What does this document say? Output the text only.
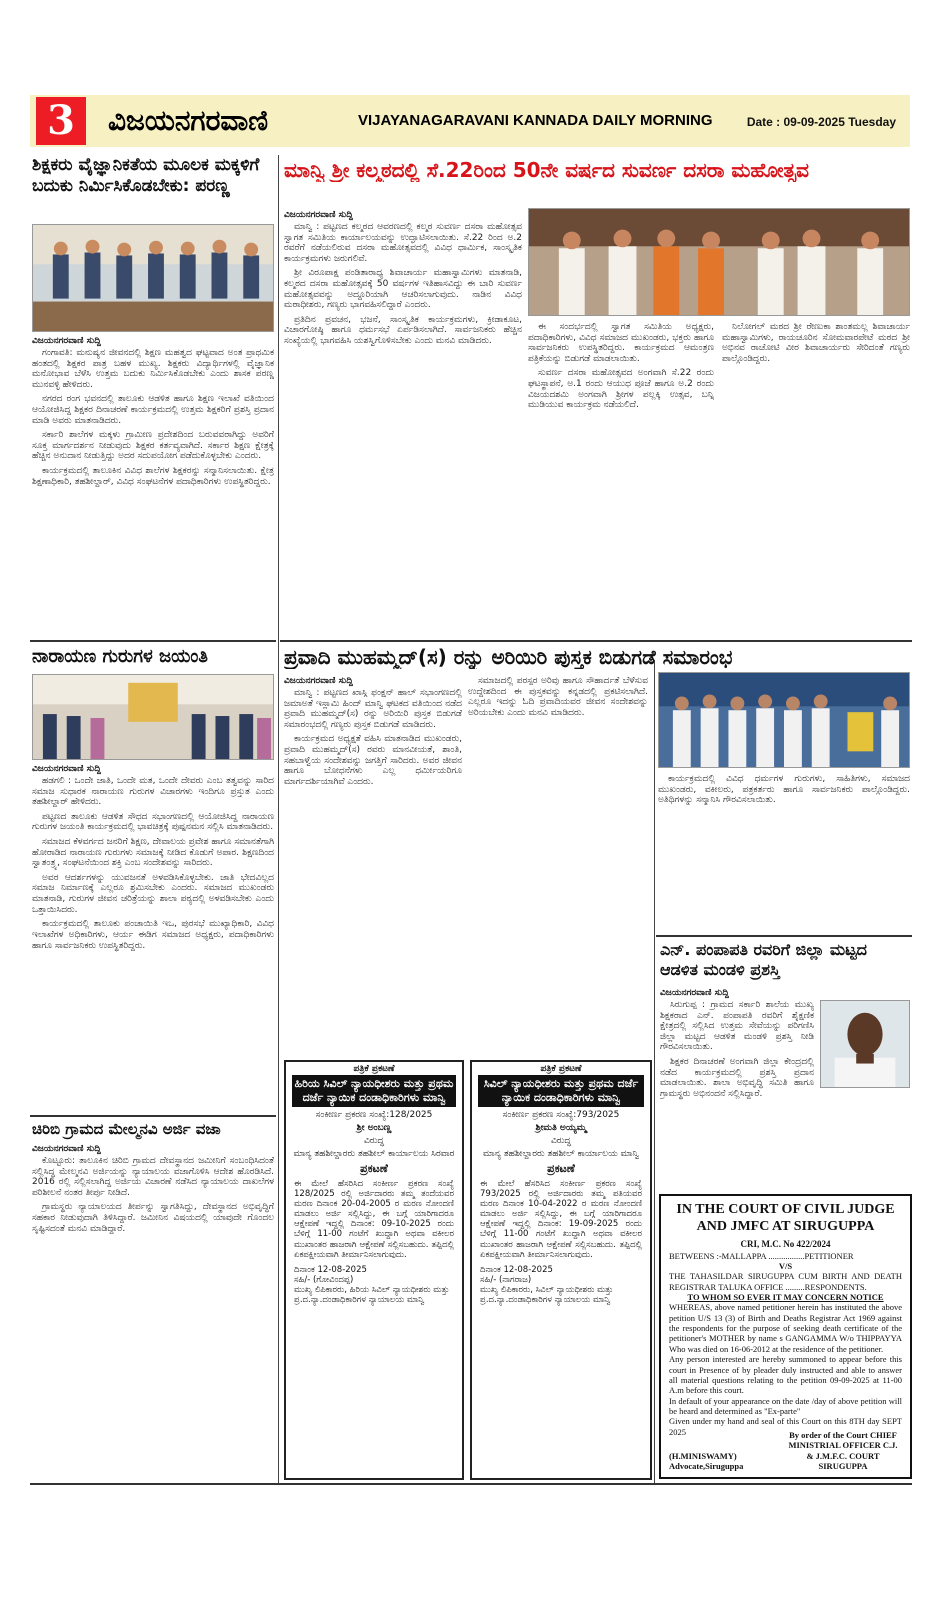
3	ವಿಜಯನಗರವಾಣಿ	VIJAYANAGARAVANI KANNADA DAILY MORNING	Date : 09-09-2025 Tuesday
ಶಿಕ್ಷಕರು ವೈಜ್ಞಾನಿಕತೆಯ ಮೂಲಕ ಮಕ್ಕಳಿಗೆ ಬದುಕು ನಿರ್ಮಿಸಿಕೊಡಬೇಕು: ಪರಣ್ಣ
ವಿಜಯನಗರವಾಣಿ ಸುದ್ದಿ

ಗಂಗಾವತಿ: ಮನುಷ್ಯನ ಜೀವನದಲ್ಲಿ ಶಿಕ್ಷಣ ಮಹತ್ವದ ಘಟ್ಟವಾದ ಅಂತ ಪ್ರಾಥಮಿಕ ಹಂತದಲ್ಲಿ ಶಿಕ್ಷಕರ ಪಾತ್ರ ಬಹಳ ಮುಖ್ಯ. ಶಿಕ್ಷಕರು ವಿದ್ಯಾರ್ಥಿಗಳಲ್ಲಿ ವೈಜ್ಞಾನಿಕ ಮನೋಭಾವ ಬೆಳೆಸಿ ಉತ್ತಮ ಬದುಕು ನಿರ್ಮಿಸಿಕೊಡಬೇಕು ಎಂದು ಶಾಸಕ ಪರಣ್ಣ ಮುನವಳ್ಳಿ ಹೇಳಿದರು.

ನಗರದ ರಂಗ ಭವನದಲ್ಲಿ ತಾಲೂಕು ಆಡಳಿತ ಹಾಗೂ ಶಿಕ್ಷಣ ಇಲಾಖೆ ವತಿಯಿಂದ ಆಯೋಜಿಸಿದ್ದ ಶಿಕ್ಷಕರ ದಿನಾಚರಣೆ ಕಾರ್ಯಕ್ರಮದಲ್ಲಿ ಉತ್ತಮ ಶಿಕ್ಷಕರಿಗೆ ಪ್ರಶಸ್ತಿ ಪ್ರದಾನ ಮಾಡಿ ಅವರು ಮಾತನಾಡಿದರು.

ಸರ್ಕಾರಿ ಶಾಲೆಗಳ ಮಕ್ಕಳು ಗ್ರಾಮೀಣ ಪ್ರದೇಶದಿಂದ ಬರುವವರಾಗಿದ್ದು ಅವರಿಗೆ ಸೂಕ್ತ ಮಾರ್ಗದರ್ಶನ ನೀಡುವುದು ಶಿಕ್ಷಕರ ಕರ್ತವ್ಯವಾಗಿದೆ. ಸರ್ಕಾರ ಶಿಕ್ಷಣ ಕ್ಷೇತ್ರಕ್ಕೆ ಹೆಚ್ಚಿನ ಅನುದಾನ ನೀಡುತ್ತಿದ್ದು ಅದರ ಸದುಪಯೋಗ ಪಡೆದುಕೊಳ್ಳಬೇಕು ಎಂದರು.

ಕಾರ್ಯಕ್ರಮದಲ್ಲಿ ತಾಲೂಕಿನ ವಿವಿಧ ಶಾಲೆಗಳ ಶಿಕ್ಷಕರನ್ನು ಸನ್ಮಾನಿಸಲಾಯಿತು. ಕ್ಷೇತ್ರ ಶಿಕ್ಷಣಾಧಿಕಾರಿ, ತಹಶೀಲ್ದಾರ್, ವಿವಿಧ ಸಂಘಟನೆಗಳ ಪದಾಧಿಕಾರಿಗಳು ಉಪಸ್ಥಿತರಿದ್ದರು.

ಮಾನ್ವಿ ಶ್ರೀ ಕಲ್ಮಠದಲ್ಲಿ ಸೆ.22ರಿಂದ 50ನೇ ವರ್ಷದ ಸುವರ್ಣ ದಸರಾ ಮಹೋತ್ಸವ
ವಿಜಯನಗರವಾಣಿ ಸುದ್ದಿ

ಮಾನ್ವಿ : ಪಟ್ಟಣದ ಕಲ್ಮಠದ ಆವರಣದಲ್ಲಿ ಕಲ್ಮಠ ಸುವರ್ಣ ದಸರಾ ಮಹೋತ್ಸವ ಸ್ವಾಗತ ಸಮಿತಿಯ ಕಾರ್ಯಾಲಯವನ್ನು ಉದ್ಘಾಟಿಸಲಾಯಿತು. ಸೆ.22 ರಿಂದ ಅ.2 ರವರೆಗೆ ನಡೆಯಲಿರುವ ದಸರಾ ಮಹೋತ್ಸವದಲ್ಲಿ ವಿವಿಧ ಧಾರ್ಮಿಕ, ಸಾಂಸ್ಕೃತಿಕ ಕಾರ್ಯಕ್ರಮಗಳು ಜರುಗಲಿವೆ.

ಶ್ರೀ ವಿರೂಪಾಕ್ಷ ಪಂಡಿತಾರಾಧ್ಯ ಶಿವಾಚಾರ್ಯ ಮಹಾಸ್ವಾಮಿಗಳು ಮಾತನಾಡಿ, ಕಲ್ಮಠದ ದಸರಾ ಮಹೋತ್ಸವಕ್ಕೆ 50 ವರ್ಷಗಳ ಇತಿಹಾಸವಿದ್ದು ಈ ಬಾರಿ ಸುವರ್ಣ ಮಹೋತ್ಸವವನ್ನು ಅದ್ದೂರಿಯಾಗಿ ಆಚರಿಸಲಾಗುವುದು. ನಾಡಿನ ವಿವಿಧ ಮಠಾಧೀಶರು, ಗಣ್ಯರು ಭಾಗವಹಿಸಲಿದ್ದಾರೆ ಎಂದರು.

ಪ್ರತಿದಿನ ಪ್ರವಚನ, ಭಜನೆ, ಸಾಂಸ್ಕೃತಿಕ ಕಾರ್ಯಕ್ರಮಗಳು, ಕ್ರೀಡಾಕೂಟ, ವಿಚಾರಗೋಷ್ಠಿ ಹಾಗೂ ಧರ್ಮಸಭೆ ಏರ್ಪಡಿಸಲಾಗಿದೆ. ಸಾರ್ವಜನಿಕರು ಹೆಚ್ಚಿನ ಸಂಖ್ಯೆಯಲ್ಲಿ ಭಾಗವಹಿಸಿ ಯಶಸ್ವಿಗೊಳಿಸಬೇಕು ಎಂದು ಮನವಿ ಮಾಡಿದರು.

ಈ ಸಂದರ್ಭದಲ್ಲಿ ಸ್ವಾಗತ ಸಮಿತಿಯ ಅಧ್ಯಕ್ಷರು, ಪದಾಧಿಕಾರಿಗಳು, ವಿವಿಧ ಸಮಾಜದ ಮುಖಂಡರು, ಭಕ್ತರು ಹಾಗೂ ಸಾರ್ವಜನಿಕರು ಉಪಸ್ಥಿತರಿದ್ದರು. ಕಾರ್ಯಕ್ರಮದ ಆಮಂತ್ರಣ ಪತ್ರಿಕೆಯನ್ನು ಬಿಡುಗಡೆ ಮಾಡಲಾಯಿತು.

ಸುವರ್ಣ ದಸರಾ ಮಹೋತ್ಸವದ ಅಂಗವಾಗಿ ಸೆ.22 ರಂದು ಘಟಸ್ಥಾಪನೆ, ಅ.1 ರಂದು ಆಯುಧ ಪೂಜೆ ಹಾಗೂ ಅ.2 ರಂದು ವಿಜಯದಶಮಿ ಅಂಗವಾಗಿ ಶ್ರೀಗಳ ಪಲ್ಲಕ್ಕಿ ಉತ್ಸವ, ಬನ್ನಿ ಮುಡಿಯುವ ಕಾರ್ಯಕ್ರಮ ನಡೆಯಲಿದೆ.

ನಿಲೋಗಲ್ ಮಠದ ಶ್ರೀ ರೇಣುಕಾ ಶಾಂತಮಲ್ಲ ಶಿವಾಚಾರ್ಯ ಮಹಾಸ್ವಾಮಿಗಳು, ರಾಯಚೂರಿನ ಸೋಮವಾರಪೇಟೆ ಮಠದ ಶ್ರೀ ಅಭಿನವ ರಾಚೋಟಿ ವೀರ ಶಿವಾಚಾರ್ಯರು ಸೇರಿದಂತೆ ಗಣ್ಯರು ಪಾಲ್ಗೊಂಡಿದ್ದರು.

ನಾರಾಯಣ ಗುರುಗಳ ಜಯಂತಿ
ವಿಜಯನಗರವಾಣಿ ಸುದ್ದಿ

ಹಡಗಲಿ : ಒಂದೇ ಜಾತಿ, ಒಂದೇ ಮತ, ಒಂದೇ ದೇವರು ಎಂಬ ತತ್ವವನ್ನು ಸಾರಿದ ಸಮಾಜ ಸುಧಾರಕ ನಾರಾಯಣ ಗುರುಗಳ ವಿಚಾರಗಳು ಇಂದಿಗೂ ಪ್ರಸ್ತುತ ಎಂದು ತಹಶೀಲ್ದಾರ್ ಹೇಳಿದರು.

ಪಟ್ಟಣದ ತಾಲೂಕು ಆಡಳಿತ ಸೌಧದ ಸಭಾಂಗಣದಲ್ಲಿ ಆಯೋಜಿಸಿದ್ದ ನಾರಾಯಣ ಗುರುಗಳ ಜಯಂತಿ ಕಾರ್ಯಕ್ರಮದಲ್ಲಿ ಭಾವಚಿತ್ರಕ್ಕೆ ಪುಷ್ಪನಮನ ಸಲ್ಲಿಸಿ ಮಾತನಾಡಿದರು.

ಸಮಾಜದ ಕೆಳವರ್ಗದ ಜನರಿಗೆ ಶಿಕ್ಷಣ, ದೇವಾಲಯ ಪ್ರವೇಶ ಹಾಗೂ ಸಮಾನತೆಗಾಗಿ ಹೋರಾಡಿದ ನಾರಾಯಣ ಗುರುಗಳು ಸಮಾಜಕ್ಕೆ ನೀಡಿದ ಕೊಡುಗೆ ಅಪಾರ. ಶಿಕ್ಷಣದಿಂದ ಸ್ವಾತಂತ್ರ್ಯ, ಸಂಘಟನೆಯಿಂದ ಶಕ್ತಿ ಎಂಬ ಸಂದೇಶವನ್ನು ಸಾರಿದರು.

ಅವರ ಆದರ್ಶಗಳನ್ನು ಯುವಜನತೆ ಅಳವಡಿಸಿಕೊಳ್ಳಬೇಕು. ಜಾತಿ ಭೇದವಿಲ್ಲದ ಸಮಾಜ ನಿರ್ಮಾಣಕ್ಕೆ ಎಲ್ಲರೂ ಶ್ರಮಿಸಬೇಕು ಎಂದರು. ಸಮಾಜದ ಮುಖಂಡರು ಮಾತನಾಡಿ, ಗುರುಗಳ ಜೀವನ ಚರಿತ್ರೆಯನ್ನು ಶಾಲಾ ಪಠ್ಯದಲ್ಲಿ ಅಳವಡಿಸಬೇಕು ಎಂದು ಒತ್ತಾಯಿಸಿದರು.

ಕಾರ್ಯಕ್ರಮದಲ್ಲಿ ತಾಲೂಕು ಪಂಚಾಯಿತಿ ಇಒ, ಪುರಸಭೆ ಮುಖ್ಯಾಧಿಕಾರಿ, ವಿವಿಧ ಇಲಾಖೆಗಳ ಅಧಿಕಾರಿಗಳು, ಆರ್ಯ ಈಡಿಗ ಸಮಾಜದ ಅಧ್ಯಕ್ಷರು, ಪದಾಧಿಕಾರಿಗಳು ಹಾಗೂ ಸಾರ್ವಜನಿಕರು ಉಪಸ್ಥಿತರಿದ್ದರು.

ಚಿರಿಬಿ ಗ್ರಾಮದ ಮೇಲ್ಮನವಿ ಅರ್ಜಿ ವಜಾ
ವಿಜಯನಗರವಾಣಿ ಸುದ್ದಿ

ಕೊಟ್ಟೂರು: ತಾಲೂಕಿನ ಚಿರಿಬಿ ಗ್ರಾಮದ ದೇವಸ್ಥಾನದ ಜಮೀನಿಗೆ ಸಂಬಂಧಿಸಿದಂತೆ ಸಲ್ಲಿಸಿದ್ದ ಮೇಲ್ಮನವಿ ಅರ್ಜಿಯನ್ನು ನ್ಯಾಯಾಲಯ ವಜಾಗೊಳಿಸಿ ಆದೇಶ ಹೊರಡಿಸಿದೆ. 2016 ರಲ್ಲಿ ಸಲ್ಲಿಸಲಾಗಿದ್ದ ಅರ್ಜಿಯ ವಿಚಾರಣೆ ನಡೆಸಿದ ನ್ಯಾಯಾಲಯ ದಾಖಲೆಗಳ ಪರಿಶೀಲನೆ ನಂತರ ತೀರ್ಪು ನೀಡಿದೆ.

ಗ್ರಾಮಸ್ಥರು ನ್ಯಾಯಾಲಯದ ತೀರ್ಪನ್ನು ಸ್ವಾಗತಿಸಿದ್ದು, ದೇವಸ್ಥಾನದ ಅಭಿವೃದ್ಧಿಗೆ ಸಹಕಾರ ನೀಡುವುದಾಗಿ ತಿಳಿಸಿದ್ದಾರೆ. ಜಮೀನಿನ ವಿಷಯದಲ್ಲಿ ಯಾವುದೇ ಗೊಂದಲ ಸೃಷ್ಟಿಸದಂತೆ ಮನವಿ ಮಾಡಿದ್ದಾರೆ.

ಪ್ರವಾದಿ ಮುಹಮ್ಮದ್(ಸ) ರನ್ನು ಅರಿಯಿರಿ ಪುಸ್ತಕ ಬಿಡುಗಡೆ ಸಮಾರಂಭ
ವಿಜಯನಗರವಾಣಿ ಸುದ್ದಿ

ಮಾನ್ವಿ : ಪಟ್ಟಣದ ಖಾಸ್ಗಿ ಫಂಕ್ಷನ್ ಹಾಲ್ ಸಭಾಂಗಣದಲ್ಲಿ ಜಮಾಅತೆ ಇಸ್ಲಾಮಿ ಹಿಂದ್ ಮಾನ್ವಿ ಘಟಕದ ವತಿಯಿಂದ ನಡೆದ ಪ್ರವಾದಿ ಮುಹಮ್ಮದ್(ಸ) ರನ್ನು ಅರಿಯಿರಿ ಪುಸ್ತಕ ಬಿಡುಗಡೆ ಸಮಾರಂಭದಲ್ಲಿ ಗಣ್ಯರು ಪುಸ್ತಕ ಬಿಡುಗಡೆ ಮಾಡಿದರು.

ಕಾರ್ಯಕ್ರಮದ ಅಧ್ಯಕ್ಷತೆ ವಹಿಸಿ ಮಾತನಾಡಿದ ಮುಖಂಡರು, ಪ್ರವಾದಿ ಮುಹಮ್ಮದ್(ಸ) ರವರು ಮಾನವೀಯತೆ, ಶಾಂತಿ, ಸಹಬಾಳ್ವೆಯ ಸಂದೇಶವನ್ನು ಜಗತ್ತಿಗೆ ಸಾರಿದರು. ಅವರ ಜೀವನ ಹಾಗೂ ಬೋಧನೆಗಳು ಎಲ್ಲ ಧರ್ಮೀಯರಿಗೂ ಮಾರ್ಗದರ್ಶಿಯಾಗಿವೆ ಎಂದರು.

ಸಮಾಜದಲ್ಲಿ ಪರಸ್ಪರ ಅರಿವು ಹಾಗೂ ಸೌಹಾರ್ದತೆ ಬೆಳೆಸುವ ಉದ್ದೇಶದಿಂದ ಈ ಪುಸ್ತಕವನ್ನು ಕನ್ನಡದಲ್ಲಿ ಪ್ರಕಟಿಸಲಾಗಿದೆ. ಎಲ್ಲರೂ ಇದನ್ನು ಓದಿ ಪ್ರವಾದಿಯವರ ಜೀವನ ಸಂದೇಶವನ್ನು ಅರಿಯಬೇಕು ಎಂದು ಮನವಿ ಮಾಡಿದರು.

ಕಾರ್ಯಕ್ರಮದಲ್ಲಿ ವಿವಿಧ ಧರ್ಮಗಳ ಗುರುಗಳು, ಸಾಹಿತಿಗಳು, ಸಮಾಜದ ಮುಖಂಡರು, ವಕೀಲರು, ಪತ್ರಕರ್ತರು ಹಾಗೂ ಸಾರ್ವಜನಿಕರು ಪಾಲ್ಗೊಂಡಿದ್ದರು. ಅತಿಥಿಗಳನ್ನು ಸನ್ಮಾನಿಸಿ ಗೌರವಿಸಲಾಯಿತು.

ಪತ್ರಿಕೆ ಪ್ರಕಟಣೆ
ಹಿರಿಯ ಸಿವಿಲ್ ನ್ಯಾಯಧೀಶರು ಮತ್ತು ಪ್ರಥಮ ದರ್ಜೆ ನ್ಯಾಯಿಕ ದಂಡಾಧಿಕಾರಿಗಳು ಮಾನ್ವಿ
ಸಂಕೀರ್ಣ ಪ್ರಕರಣ ಸಂಖ್ಯೆ:128/2025
ಶ್ರೀ ಅಂಬಣ್ಣ
ವಿರುದ್ಧ
ಮಾನ್ಯ ತಹಶೀಲ್ದಾರರು ತಹಶೀಲ್ ಕಾರ್ಯಾಲಯ ಸಿರವಾರ
ಪ್ರಕಟಣೆ
ಈ ಮೇಲೆ ಹೆಸರಿಸಿದ ಸಂಕೀರ್ಣ ಪ್ರಕರಣ ಸಂಖ್ಯೆ 128/2025 ರಲ್ಲಿ ಅರ್ಜಿದಾರರು ತಮ್ಮ ತಂದೆಯವರ ಮರಣ ದಿನಾಂಕ 20-04-2005 ರ ಮರಣ ನೋಂದಣಿ ಮಾಡಲು ಅರ್ಜಿ ಸಲ್ಲಿಸಿದ್ದು, ಈ ಬಗ್ಗೆ ಯಾರಿಗಾದರೂ ಆಕ್ಷೇಪಣೆ ಇದ್ದಲ್ಲಿ ದಿನಾಂಕ: 09-10-2025 ರಂದು ಬೆಳಿಗ್ಗೆ 11-00 ಗಂಟೆಗೆ ಖುದ್ದಾಗಿ ಅಥವಾ ವಕೀಲರ ಮುಖಾಂತರ ಹಾಜರಾಗಿ ಆಕ್ಷೇಪಣೆ ಸಲ್ಲಿಸಬಹುದು. ತಪ್ಪಿದಲ್ಲಿ ಏಕಪಕ್ಷೀಯವಾಗಿ ತೀರ್ಮಾನಿಸಲಾಗುವುದು.
ದಿನಾಂಕ 12-08-2025
ಸಹಿ/- (ಗೋವಿಂದಪ್ಪ)
ಮುಖ್ಯ ಲಿಪಿಕಾರರು, ಹಿರಿಯ ಸಿವಿಲ್ ನ್ಯಾಯಧೀಶರು ಮತ್ತು ಪ್ರ.ದ.ನ್ಯಾ.ದಂಡಾಧಿಕಾರಿಗಳ ನ್ಯಾಯಾಲಯ ಮಾನ್ವಿ
ಪತ್ರಿಕೆ ಪ್ರಕಟಣೆ
ಸಿವಿಲ್ ನ್ಯಾಯಧೀಶರು ಮತ್ತು ಪ್ರಥಮ ದರ್ಜೆ ನ್ಯಾಯಿಕ ದಂಡಾಧಿಕಾರಿಗಳು ಮಾನ್ವಿ
ಸಂಕೀರ್ಣ ಪ್ರಕರಣ ಸಂಖ್ಯೆ:793/2025
ಶ್ರೀಮತಿ ಅಯ್ಯಮ್ಮ
ವಿರುದ್ಧ
ಮಾನ್ಯ ತಹಶೀಲ್ದಾರರು ತಹಶೀಲ್ ಕಾರ್ಯಾಲಯ ಮಾನ್ವಿ
ಪ್ರಕಟಣೆ
ಈ ಮೇಲೆ ಹೆಸರಿಸಿದ ಸಂಕೀರ್ಣ ಪ್ರಕರಣ ಸಂಖ್ಯೆ 793/2025 ರಲ್ಲಿ ಅರ್ಜಿದಾರರು ತಮ್ಮ ಪತಿಯವರ ಮರಣ ದಿನಾಂಕ 10-04-2022 ರ ಮರಣ ನೋಂದಣಿ ಮಾಡಲು ಅರ್ಜಿ ಸಲ್ಲಿಸಿದ್ದು, ಈ ಬಗ್ಗೆ ಯಾರಿಗಾದರೂ ಆಕ್ಷೇಪಣೆ ಇದ್ದಲ್ಲಿ ದಿನಾಂಕ: 19-09-2025 ರಂದು ಬೆಳಿಗ್ಗೆ 11-00 ಗಂಟೆಗೆ ಖುದ್ದಾಗಿ ಅಥವಾ ವಕೀಲರ ಮುಖಾಂತರ ಹಾಜರಾಗಿ ಆಕ್ಷೇಪಣೆ ಸಲ್ಲಿಸಬಹುದು. ತಪ್ಪಿದಲ್ಲಿ ಏಕಪಕ್ಷೀಯವಾಗಿ ತೀರ್ಮಾನಿಸಲಾಗುವುದು.
ದಿನಾಂಕ 12-08-2025
ಸಹಿ/- (ನಾಗರಾಜ)
ಮುಖ್ಯ ಲಿಪಿಕಾರರು, ಸಿವಿಲ್ ನ್ಯಾಯಧೀಶರು ಮತ್ತು ಪ್ರ.ದ.ನ್ಯಾ.ದಂಡಾಧಿಕಾರಿಗಳ ನ್ಯಾಯಾಲಯ ಮಾನ್ವಿ
ಎನ್. ಪಂಪಾಪತಿ ರವರಿಗೆ ಜಿಲ್ಲಾ ಮಟ್ಟದ ಆಡಳಿತ ಮಂಡಳಿ ಪ್ರಶಸ್ತಿ
ವಿಜಯನಗರವಾಣಿ ಸುದ್ದಿ

ಸಿರುಗುಪ್ಪ : ಗ್ರಾಮದ ಸರ್ಕಾರಿ ಶಾಲೆಯ ಮುಖ್ಯ ಶಿಕ್ಷಕರಾದ ಎನ್. ಪಂಪಾಪತಿ ರವರಿಗೆ ಶೈಕ್ಷಣಿಕ ಕ್ಷೇತ್ರದಲ್ಲಿ ಸಲ್ಲಿಸಿದ ಉತ್ತಮ ಸೇವೆಯನ್ನು ಪರಿಗಣಿಸಿ ಜಿಲ್ಲಾ ಮಟ್ಟದ ಆಡಳಿತ ಮಂಡಳಿ ಪ್ರಶಸ್ತಿ ನೀಡಿ ಗೌರವಿಸಲಾಯಿತು.

ಶಿಕ್ಷಕರ ದಿನಾಚರಣೆ ಅಂಗವಾಗಿ ಜಿಲ್ಲಾ ಕೇಂದ್ರದಲ್ಲಿ ನಡೆದ ಕಾರ್ಯಕ್ರಮದಲ್ಲಿ ಪ್ರಶಸ್ತಿ ಪ್ರದಾನ ಮಾಡಲಾಯಿತು. ಶಾಲಾ ಅಭಿವೃದ್ಧಿ ಸಮಿತಿ ಹಾಗೂ ಗ್ರಾಮಸ್ಥರು ಅಭಿನಂದನೆ ಸಲ್ಲಿಸಿದ್ದಾರೆ.

IN THE COURT OF CIVIL JUDGE AND JMFC AT SIRUGUPPA
CRI, M.C. No 422/2024
BETWEENS :-MALLAPPA .................PETITIONER
V/S
THE TAHASILDAR SIRUGUPPA CUM BIRTH AND DEATH REGISTRAR TALUKA OFFICE .........RESPONDENTS.
TO WHOM SO EVER IT MAY CONCERN NOTICE
WHEREAS, above named petitioner herein has instituted the above petition U/S 13 (3) of Birth and Deaths Registrar Act 1969 against the respondents for the purpose of seeking death certificate of the petitioner's MOTHER by name s GANGAMMA W/o THIPPAYYA Who was died on 16-06-2012 at the residence of the petitioner.
Any person interested are hereby summoned to appear before this court in Presence of by pleader duly instructed and able to answer all material questions relating to the petition 09-09-2025 at 11-00 A.m before this court.
In default of your appearance on the date /day of above petition will be heard and determined as "Ex-parte"
Given under my hand and seal of this Court on this 8TH day SEPT 2025
(H.MINISWAMY) Advocate,Siruguppa
By order of the Court CHIEF MINISTRIAL OFFICER C.J. & J.M.F.C. COURT SIRUGUPPA
